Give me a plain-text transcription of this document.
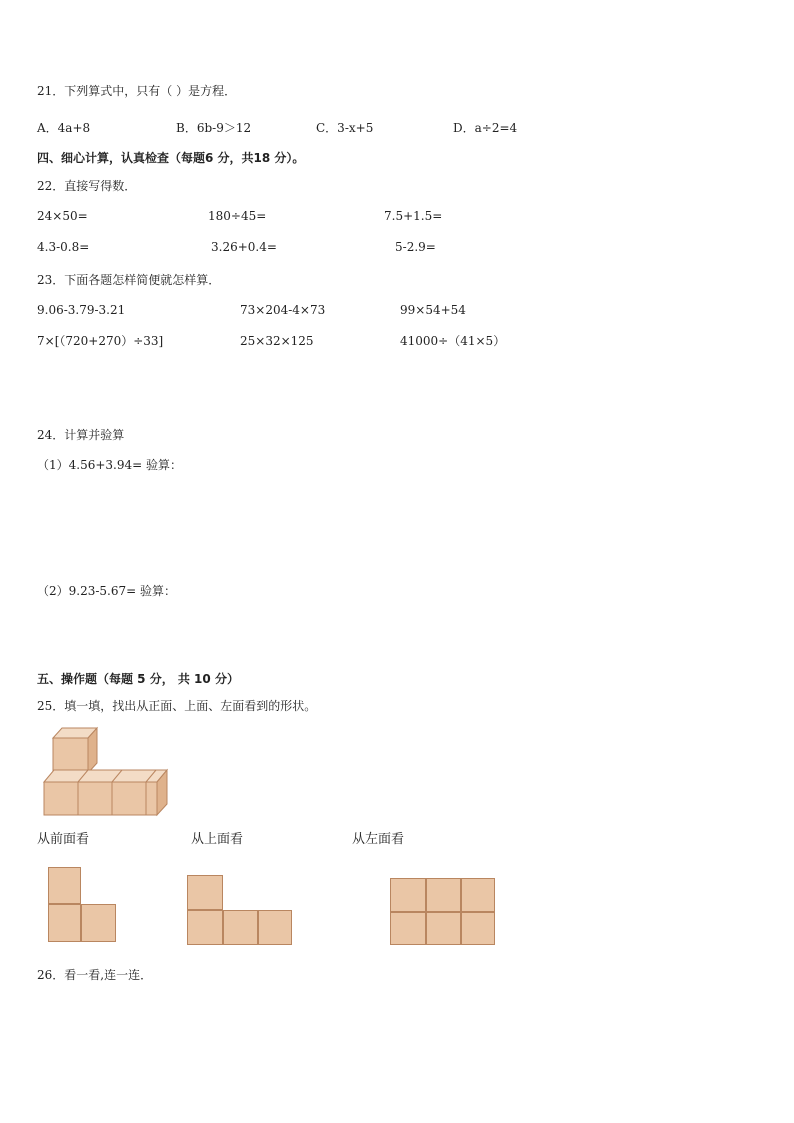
21．下列算式中，只有（ ）是方程．
A．4a+8	B．6b-9＞12	C．3-x+5	D．a÷2=4
四、细心计算，认真检查（每题6 分，共18 分）。
22．直接写得数．
24×50=	180÷45=	7.5+1.5=
4.3-0.8=	3.26+0.4=	5-2.9=
23．下面各题怎样简便就怎样算．
9.06-3.79-3.21	73×204-4×73	99×54+54
7×[（720+270）÷33]	25×32×125	41000÷（41×5）
24．计算并验算
（1）4.56+3.94= 验算：
（2）9.23-5.67= 验算：
五、操作题（每题 5 分， 共 10 分）
25．填一填，找出从正面、上面、左面看到的形状。
从前面看	从上面看	从左面看
26．看一看,连一连．
